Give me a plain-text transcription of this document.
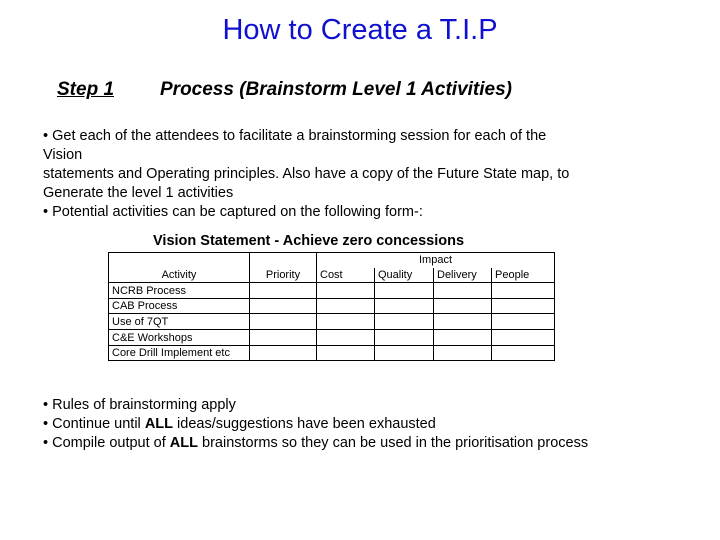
How to Create a T.I.P
Step 1 Process (Brainstorm Level 1 Activities)
• Get each of the attendees to facilitate a brainstorming session for each of the
Vision
statements and Operating principles. Also have a copy of the Future State map, to
Generate the level 1 activities
• Potential activities can be captured on the following form-:
Vision Statement - Achieve zero concessions
		Impact			
Activity	Priority	Cost	Quality	Delivery	People
NCRB Process					
CAB Process					
Use of 7QT					
C&E Workshops					
Core Drill Implement etc					
• Rules of brainstorming apply
• Continue until ALL ideas/suggestions have been exhausted
• Compile output of ALL brainstorms so they can be used in the prioritisation process
